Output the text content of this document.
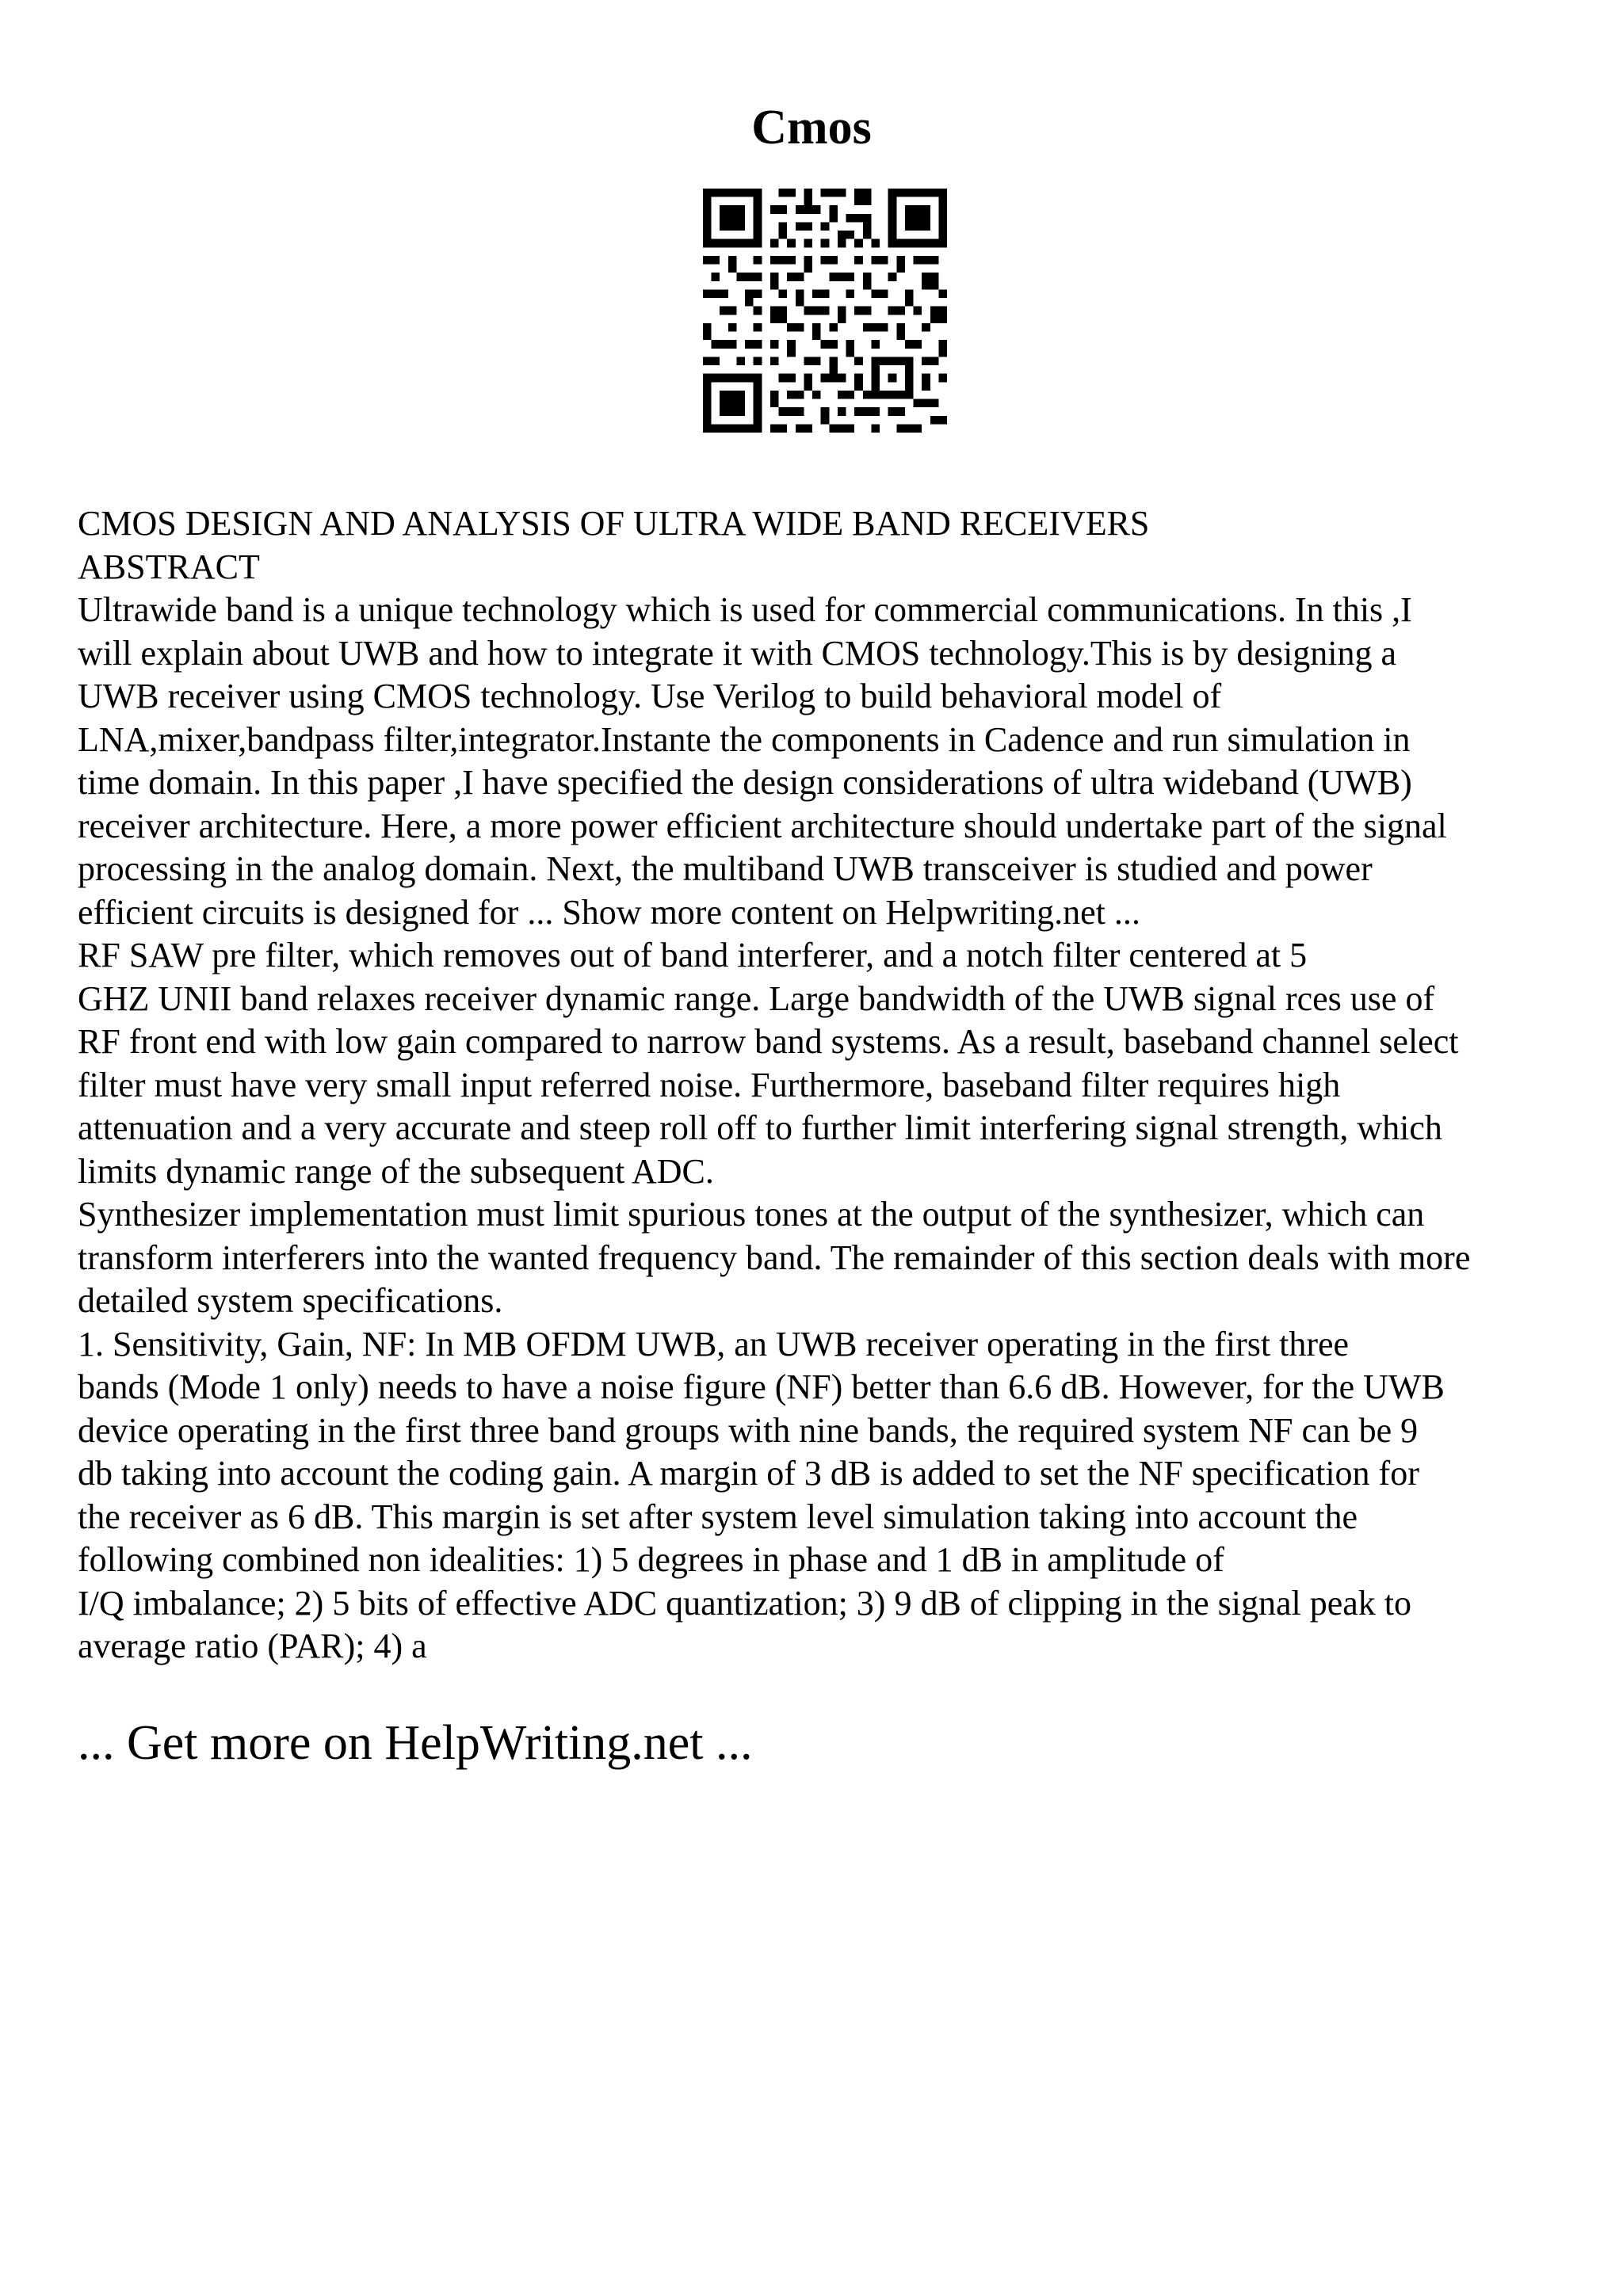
Cmos
CMOS DESIGN AND ANALYSIS OF ULTRA WIDE BAND RECEIVERS
ABSTRACT
Ultrawide band is a unique technology which is used for commercial communications. In this ,I
will explain about UWB and how to integrate it with CMOS technology.This is by designing a
UWB receiver using CMOS technology. Use Verilog to build behavioral model of
LNA,mixer,bandpass filter,integrator.Instante the components in Cadence and run simulation in
time domain. In this paper ,I have specified the design considerations of ultra wideband (UWB)
receiver architecture. Here, a more power efficient architecture should undertake part of the signal
processing in the analog domain. Next, the multiband UWB transceiver is studied and power
efficient circuits is designed for ... Show more content on Helpwriting.net ...
RF SAW pre filter, which removes out of band interferer, and a notch filter centered at 5
GHZ UNII band relaxes receiver dynamic range. Large bandwidth of the UWB signal rces use of
RF front end with low gain compared to narrow band systems. As a result, baseband channel select
filter must have very small input referred noise. Furthermore, baseband filter requires high
attenuation and a very accurate and steep roll off to further limit interfering signal strength, which
limits dynamic range of the subsequent ADC.
Synthesizer implementation must limit spurious tones at the output of the synthesizer, which can
transform interferers into the wanted frequency band. The remainder of this section deals with more
detailed system specifications.
1. Sensitivity, Gain, NF: In MB OFDM UWB, an UWB receiver operating in the first three
bands (Mode 1 only) needs to have a noise figure (NF) better than 6.6 dB. However, for the UWB
device operating in the first three band groups with nine bands, the required system NF can be 9
db taking into account the coding gain. A margin of 3 dB is added to set the NF specification for
the receiver as 6 dB. This margin is set after system level simulation taking into account the
following combined non idealities: 1) 5 degrees in phase and 1 dB in amplitude of
I/Q imbalance; 2) 5 bits of effective ADC quantization; 3) 9 dB of clipping in the signal peak to
average ratio (PAR); 4) a
... Get more on HelpWriting.net ...
